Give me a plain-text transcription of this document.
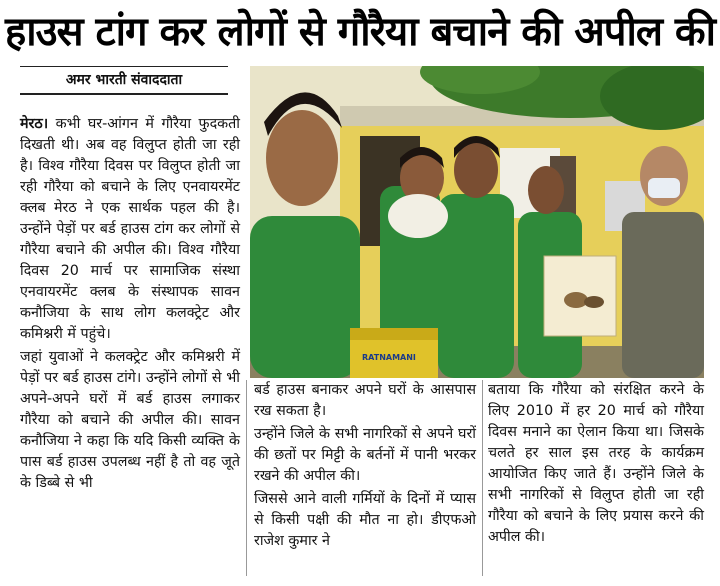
हाउस टांग कर लोगों से गौरैया बचाने की अपील की
अमर भारती संवाददाता

मेरठ। कभी घर-आंगन में गौरैया फुदकती दिखती थी। अब वह विलुप्त होती जा रही है। विश्व गौरैया दिवस पर विलुप्त होती जा रही गौरैया को बचाने के लिए एनवायरमेंट क्लब मेरठ ने एक सार्थक पहल की है। उन्होंने पेड़ों पर बर्ड हाउस टांग कर लोगों से गौरैया बचाने की अपील की। विश्व गौरैया दिवस 20 मार्च पर सामाजिक संस्था एनवायरमेंट क्लब के संस्थापक सावन कनौजिया के साथ लोग कलक्ट्रेट और कमिश्नरी में पहुंचे।

जहां युवाओं ने कलक्ट्रेट और कमिश्नरी में पेड़ों पर बर्ड हाउस टांगे। उन्होंने लोगों से भी अपने-अपने घरों में बर्ड हाउस लगाकर गौरैया को बचाने की अपील की। सावन कनौजिया ने कहा कि यदि किसी व्यक्ति के पास बर्ड हाउस उपलब्ध नहीं है तो वह जूते के डिब्बे से भी

RATNAMANI

बर्ड हाउस बनाकर अपने घरों के आसपास रख सकता है।

उन्होंने जिले के सभी नागरिकों से अपने घरों की छतों पर मिट्टी के बर्तनों में पानी भरकर रखने की अपील की।

जिससे आने वाली गर्मियों के दिनों में प्यास से किसी पक्षी की मौत ना हो। डीएफओ राजेश कुमार ने

बताया कि गौरैया को संरक्षित करने के लिए 2010 में हर 20 मार्च को गौरैया दिवस मनाने का ऐलान किया था। जिसके चलते हर साल इस तरह के कार्यक्रम आयोजित किए जाते हैं। उन्होंने जिले के सभी नागरिकों से विलुप्त होती जा रही गौरैया को बचाने के लिए प्रयास करने की अपील की।
